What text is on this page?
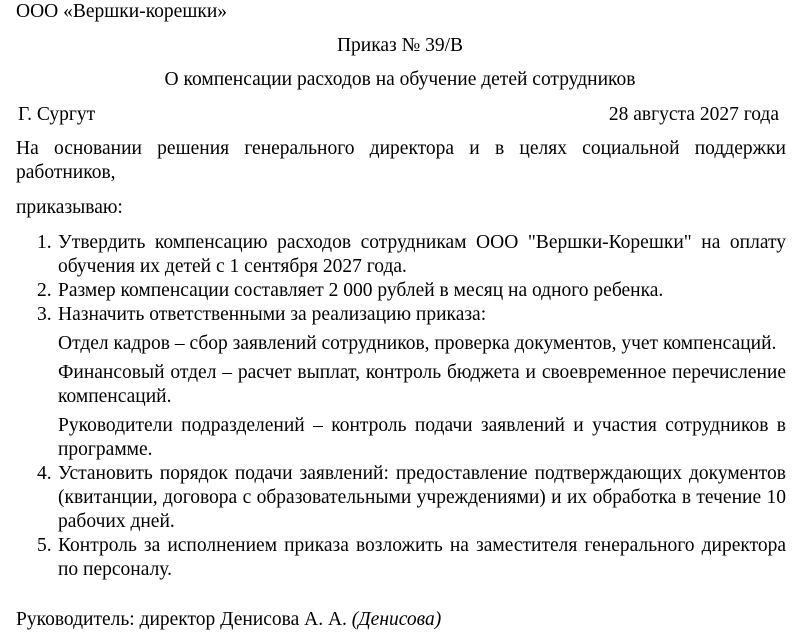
ООО «Вершки-корешки»
Приказ № 39/В
О компенсации расходов на обучение детей сотрудников
Г. Сургут	28 августа 2027 года
На основании решения генерального директора и в целях социальной поддержки работников,
приказываю:
1. Утвердить компенсацию расходов сотрудникам ООО "Вершки-Корешки" на оплату обучения их детей с 1 сентября 2027 года.
2. Размер компенсации составляет 2 000 рублей в месяц на одного ребенка.
3. Назначить ответственными за реализацию приказа:
Отдел кадров – сбор заявлений сотрудников, проверка документов, учет компенсаций.
Финансовый отдел – расчет выплат, контроль бюджета и своевременное перечисление компенсаций.
Руководители подразделений – контроль подачи заявлений и участия сотрудников в программе.
4. Установить порядок подачи заявлений: предоставление подтверждающих документов (квитанции, договора с образовательными учреждениями) и их обработка в течение 10 рабочих дней.
5. Контроль за исполнением приказа возложить на заместителя генерального директора по персоналу.
Руководитель: директор Денисова А. А. (Денисова)
